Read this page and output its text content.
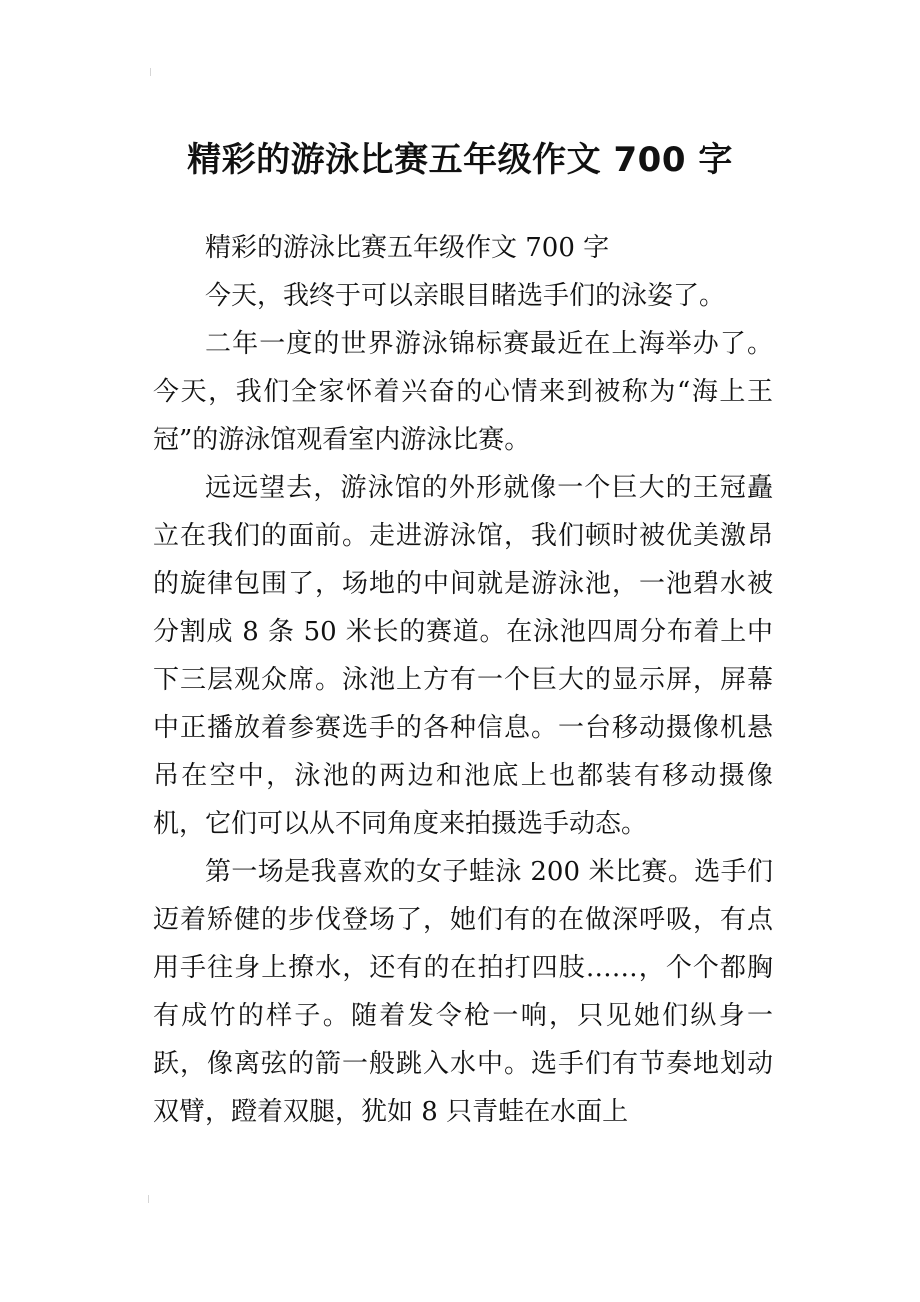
精彩的游泳比赛五年级作文 700 字

精彩的游泳比赛五年级作文 700 字

今天，我终于可以亲眼目睹选手们的泳姿了。

二年一度的世界游泳锦标赛最近在上海举办了。今天，我们全家怀着兴奋的心情来到被称为“海上王冠”的游泳馆观看室内游泳比赛。

远远望去，游泳馆的外形就像一个巨大的王冠矗立在我们的面前。走进游泳馆，我们顿时被优美激昂的旋律包围了，场地的中间就是游泳池，一池碧水被分割成 8 条 50 米长的赛道。在泳池四周分布着上中下三层观众席。泳池上方有一个巨大的显示屏，屏幕中正播放着参赛选手的各种信息。一台移动摄像机悬吊在空中，泳池的两边和池底上也都装有移动摄像机，它们可以从不同角度来拍摄选手动态。

第一场是我喜欢的女子蛙泳 200 米比赛。选手们迈着矫健的步伐登场了，她们有的在做深呼吸，有点用手往身上撩水，还有的在拍打四肢……，个个都胸有成竹的样子。随着发令枪一响，只见她们纵身一跃，像离弦的箭一般跳入水中。选手们有节奏地划动双臂，蹬着双腿，犹如 8 只青蛙在水面上
